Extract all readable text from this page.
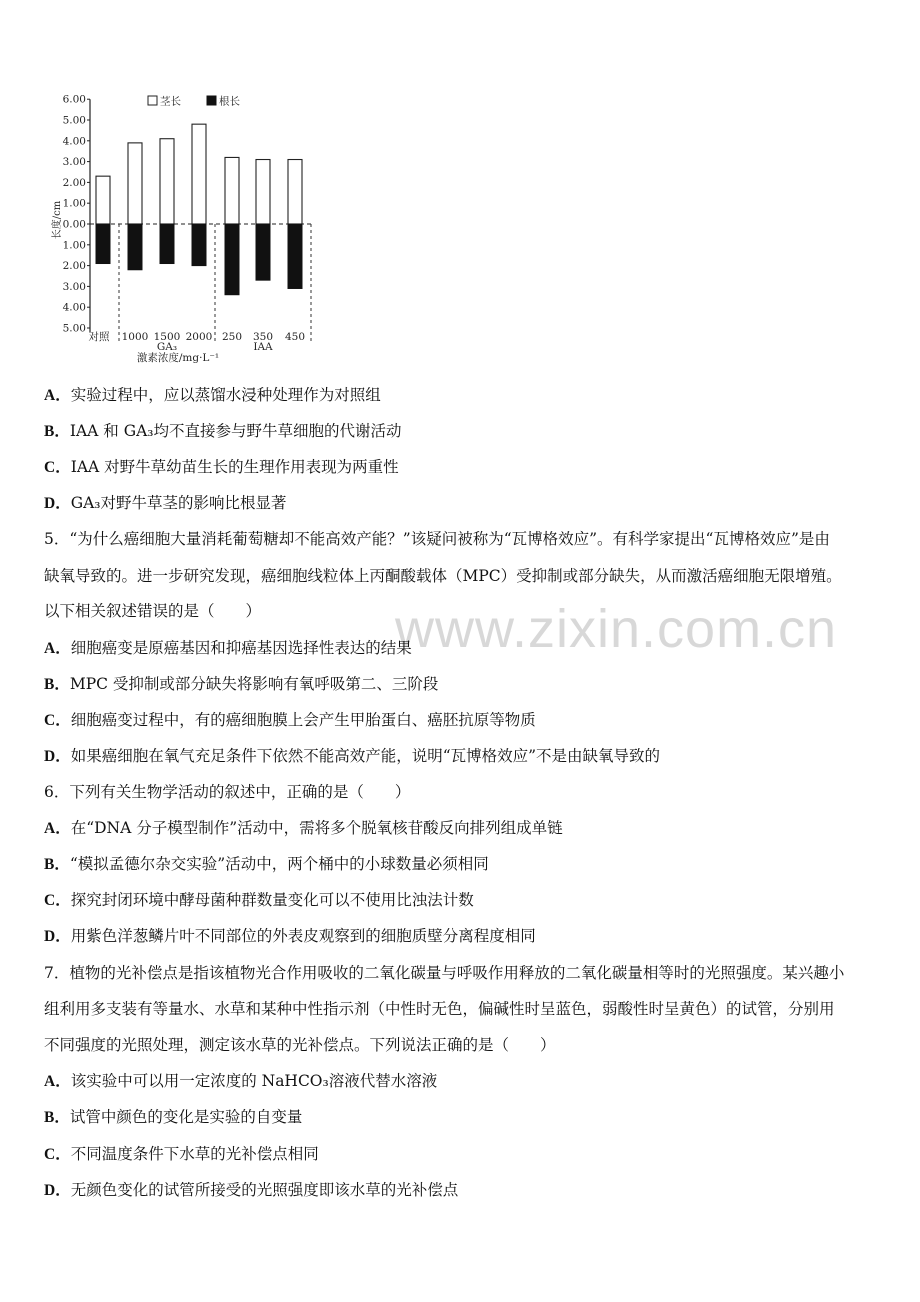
6.00
5.00
4.00
3.00
2.00
1.00
0.00
1.00
2.00
3.00
4.00
5.00
长度/cm
对照 1000 1500 2000 250 350 450
GA₃	IAA
激素浓度/mg·L⁻¹
茎长	根长
www.zixin.com.cn
A．实验过程中，应以蒸馏水浸种处理作为对照组
B．IAA 和 GA₃均不直接参与野牛草细胞的代谢活动
C．IAA 对野牛草幼苗生长的生理作用表现为两重性
D．GA₃对野牛草茎的影响比根显著
5．“为什么癌细胞大量消耗葡萄糖却不能高效产能？”该疑问被称为“瓦博格效应”。有科学家提出“瓦博格效应”是由
缺氧导致的。进一步研究发现，癌细胞线粒体上丙酮酸载体（MPC）受抑制或部分缺失，从而激活癌细胞无限增殖。
以下相关叙述错误的是（　　）
A．细胞癌变是原癌基因和抑癌基因选择性表达的结果
B．MPC 受抑制或部分缺失将影响有氧呼吸第二、三阶段
C．细胞癌变过程中，有的癌细胞膜上会产生甲胎蛋白、癌胚抗原等物质
D．如果癌细胞在氧气充足条件下依然不能高效产能，说明“瓦博格效应”不是由缺氧导致的
6．下列有关生物学活动的叙述中，正确的是（　　）
A．在“DNA 分子模型制作”活动中，需将多个脱氧核苷酸反向排列组成单链
B．“模拟孟德尔杂交实验”活动中，两个桶中的小球数量必须相同
C．探究封闭环境中酵母菌种群数量变化可以不使用比浊法计数
D．用紫色洋葱鳞片叶不同部位的外表皮观察到的细胞质壁分离程度相同
7．植物的光补偿点是指该植物光合作用吸收的二氧化碳量与呼吸作用释放的二氧化碳量相等时的光照强度。某兴趣小
组利用多支装有等量水、水草和某种中性指示剂（中性时无色，偏碱性时呈蓝色，弱酸性时呈黄色）的试管，分别用
不同强度的光照处理，测定该水草的光补偿点。下列说法正确的是（　　）
A．该实验中可以用一定浓度的 NaHCO₃溶液代替水溶液
B．试管中颜色的变化是实验的自变量
C．不同温度条件下水草的光补偿点相同
D．无颜色变化的试管所接受的光照强度即该水草的光补偿点
